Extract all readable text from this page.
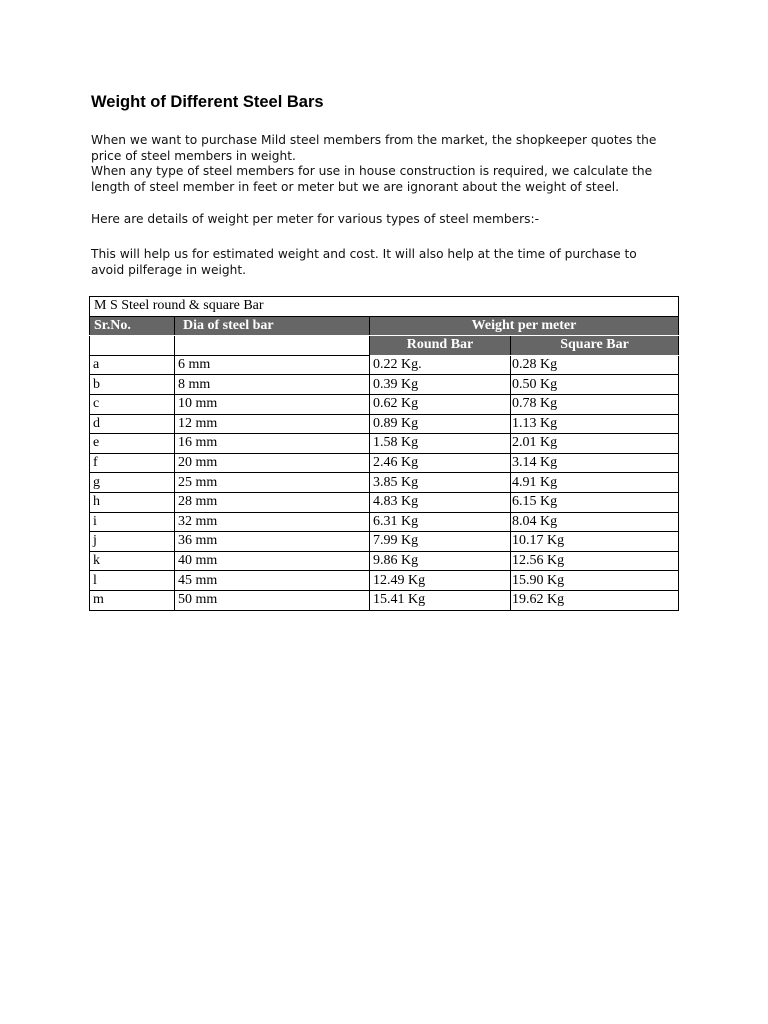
Weight of Different Steel Bars
When we want to purchase Mild steel members from the market, the shopkeeper quotes the
price of steel members in weight.
When any type of steel members for use in house construction is required, we calculate the
length of steel member in feet or meter but we are ignorant about the weight of steel.
Here are details of weight per meter for various types of steel members:-
This will help us for estimated weight and cost. It will also help at the time of purchase to
avoid pilferage in weight.
M S Steel round & square Bar			
Sr.No.	Dia of steel bar	Weight per meter	
		Round Bar	Square Bar
a	6 mm	0.22 Kg.	0.28 Kg
b	8 mm	0.39 Kg	0.50 Kg
c	10 mm	0.62 Kg	0.78 Kg
d	12 mm	0.89 Kg	1.13 Kg
e	16 mm	1.58 Kg	2.01 Kg
f	20 mm	2.46 Kg	3.14 Kg
g	25 mm	3.85 Kg	4.91 Kg
h	28 mm	4.83 Kg	6.15 Kg
i	32 mm	6.31 Kg	8.04 Kg
j	36 mm	7.99 Kg	10.17 Kg
k	40 mm	9.86 Kg	12.56 Kg
l	45 mm	12.49 Kg	15.90 Kg
m	50 mm	15.41 Kg	19.62 Kg
